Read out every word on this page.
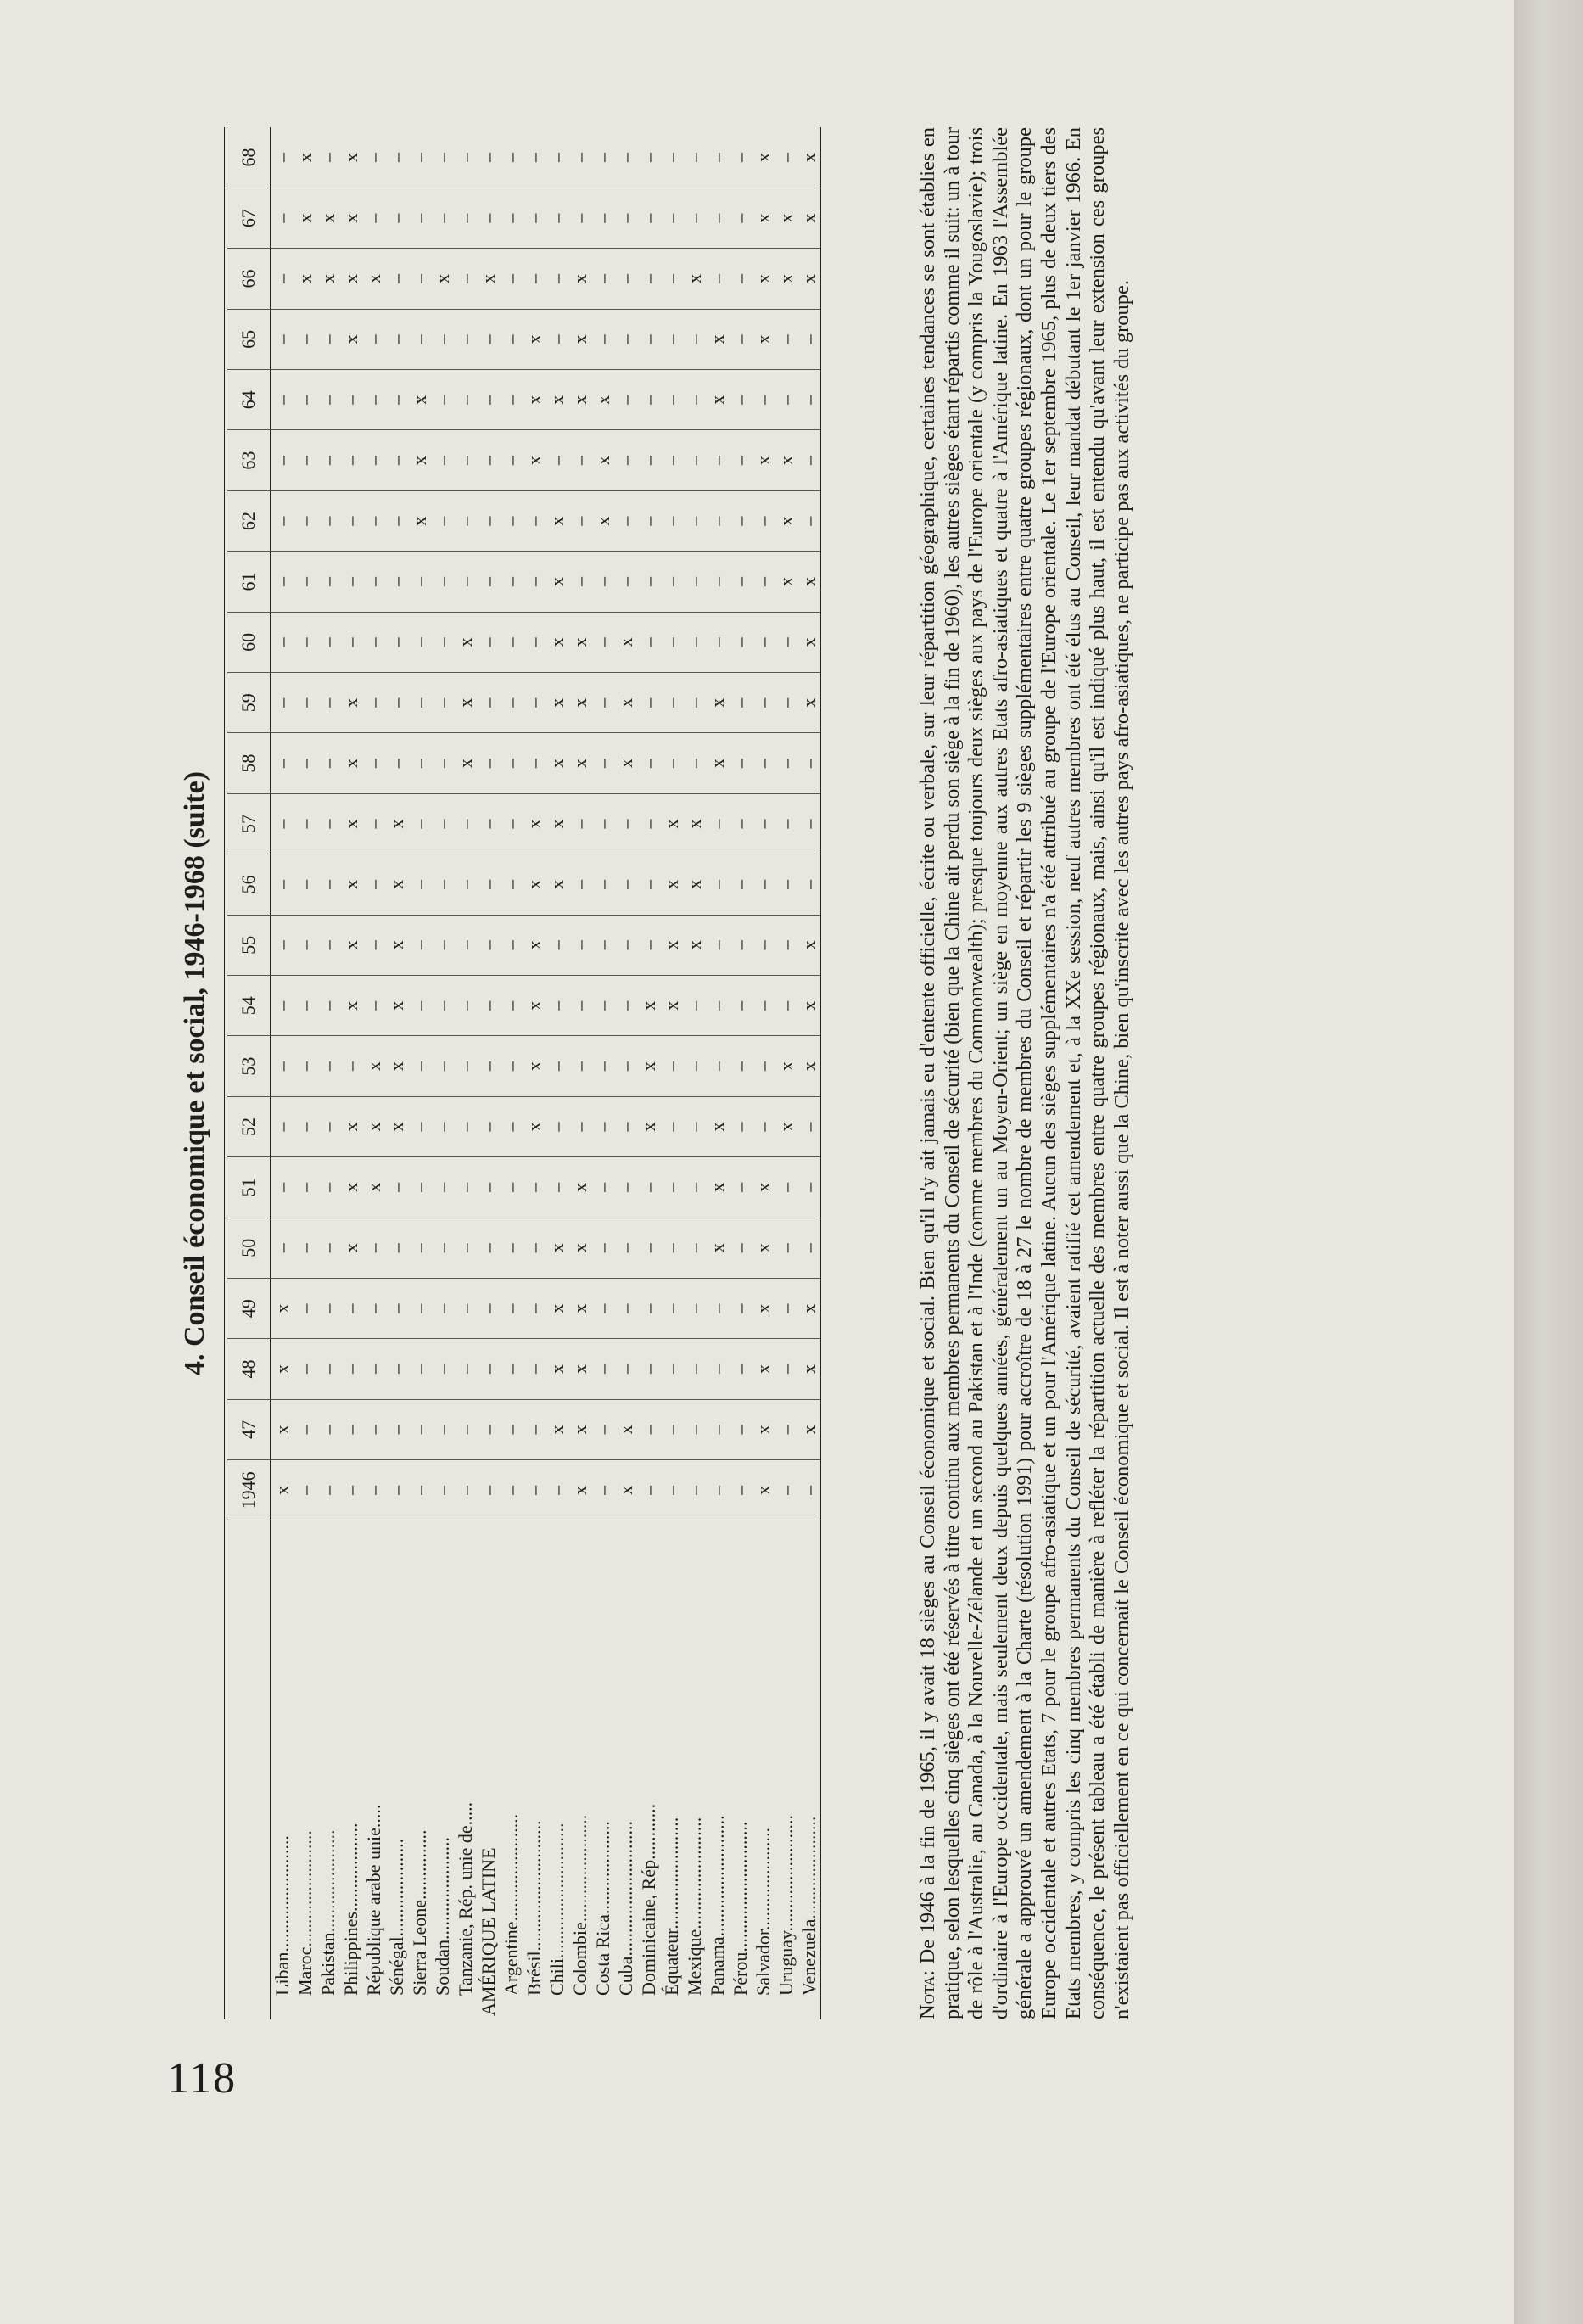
118
4. Conseil économique et social, 1946-1968 (suite)
	1946	47	48	49	50	51	52	53	54	55	56	57	58	59	60	61	62	63	64	65	66	67	68
Liban.........................	x	x	x	x	–	–	–	–	–	–	–	–	–	–	–	–	–	–	–	–	–	–	–
Maroc.........................	–	–	–	–	–	–	–	–	–	–	–	–	–	–	–	–	–	–	–	–	x	x	x
Pakistan......................	–	–	–	–	–	–	–	–	–	–	–	–	–	–	–	–	–	–	–	–	x	x	–
Philippines...................	–	–	–	–	x	x	x	–	x	x	x	x	x	x	–	–	–	–	–	x	x	x	x
République arabe unie.....	–	–	–	–	–	x	x	x	–	–	–	–	–	–	–	–	–	–	–	–	x	–	–
Sénégal.....................	–	–	–	–	–	–	x	x	x	x	x	x	–	–	–	–	–	–	–	–	–	–	–
Sierra Leone...............	–	–	–	–	–	–	–	–	–	–	–	–	–	–	–	–	x	x	x	–	–	–	–
Soudan......................	–	–	–	–	–	–	–	–	–	–	–	–	–	–	–	–	–	–	–	–	x	–	–
Tanzanie, Rép. unie de.....	–	–	–	–	–	–	–	–	–	–	–	–	x	x	x	–	–	–	–	–	–	–	–
AMÉRIQUE LATINE	–	–	–	–	–	–	–	–	–	–	–	–	–	–	–	–	–	–	–	–	x	–	–
Argentine.......................	–	–	–	–	–	–	–	–	–	–	–	–	–	–	–	–	–	–	–	–	–	–	–
Brésil............................	–	–	–	–	–	–	x	x	x	x	x	x	–	–	–	–	–	x	x	x	–	–	–
Chili.............................	–	x	x	x	x	–	–	–	–	–	x	x	x	x	x	x	x	–	x	–	–	–	–
Colombie.......................	x	x	x	x	x	x	–	–	–	–	–	–	x	x	x	–	–	–	x	x	x	–	–
Costa Rica....................	–	–	–	–	–	–	–	–	–	–	–	–	–	–	–	–	x	x	x	–	–	–	–
Cuba.............................	x	x	–	–	–	–	–	–	–	–	–	–	x	x	x	–	–	–	–	–	–	–	–
Dominicaine, Rép............	–	–	–	–	–	–	x	x	x	–	–	–	–	–	–	–	–	–	–	–	–	–	–
Équateur........................	–	–	–	–	–	–	–	–	x	x	x	x	–	–	–	–	–	–	–	–	–	–	–
Mexique........................	–	–	–	–	–	–	–	–	–	x	x	x	–	–	–	–	–	–	–	–	x	–	–
Panama..........................	–	–	–	–	x	x	x	–	–	–	–	–	x	x	–	–	–	–	x	x	–	–	–
Pérou............................	–	–	–	–	–	–	–	–	–	–	–	–	–	–	–	–	–	–	–	–	–	–	–
Salvador......................	x	x	x	x	x	x	–	–	–	–	–	–	–	–	–	–	–	x	–	x	x	x	x
Uruguay.........................	–	–	–	–	–	–	x	x	–	–	–	–	–	–	–	x	x	x	–	–	x	x	–
Venezuela......................	–	x	x	x	–	–	–	x	x	x	–	–	–	x	x	x	–	–	–	–	x	x	x
Nota: De 1946 à la fin de 1965, il y avait 18 sièges au Conseil économique et social. Bien qu'il n'y ait jamais eu d'entente officielle, écrite ou verbale, sur leur répartition géographique, certaines tendances se sont établies en pratique, selon lesquelles cinq sièges ont été réservés à titre continu aux membres permanents du Conseil de sécurité (bien que la Chine ait perdu son siège à la fin de 1960), les autres sièges étant répartis comme il suit: un à tour de rôle à l'Australie, au Canada, à la Nouvelle-Zélande et un second au Pakistan et à l'Inde (comme membres du Commonwealth); presque toujours deux sièges aux pays de l'Europe orientale (y compris la Yougoslavie); trois d'ordinaire à l'Europe occidentale, mais seulement deux depuis quelques années, généralement un au Moyen-Orient; un siège en moyenne aux autres Etats afro-asiatiques et quatre à l'Amérique latine. En 1963 l'Assemblée générale a approuvé un amendement à la Charte (résolution 1991) pour accroître de 18 à 27 le nombre de membres du Conseil et répartir les 9 sièges supplémentaires entre quatre groupes régionaux, dont un pour le groupe Europe occidentale et autres Etats, 7 pour le groupe afro-asiatique et un pour l'Amérique latine. Aucun des sièges supplémentaires n'a été attribué au groupe de l'Europe orientale. Le 1er septembre 1965, plus de deux tiers des Etats membres, y compris les cinq membres permanents du Conseil de sécurité, avaient ratifié cet amendement et, à la XXe session, neuf autres membres ont été élus au Conseil, leur mandat débutant le 1er janvier 1966. En conséquence, le présent tableau a été établi de manière à refléter la répartition actuelle des membres entre quatre groupes régionaux, mais, ainsi qu'il est indiqué plus haut, il est entendu qu'avant leur extension ces groupes n'existaient pas officiellement en ce qui concernait le Conseil économique et social. Il est à noter aussi que la Chine, bien qu'inscrite avec les autres pays afro-asiatiques, ne participe pas aux activités du groupe.
